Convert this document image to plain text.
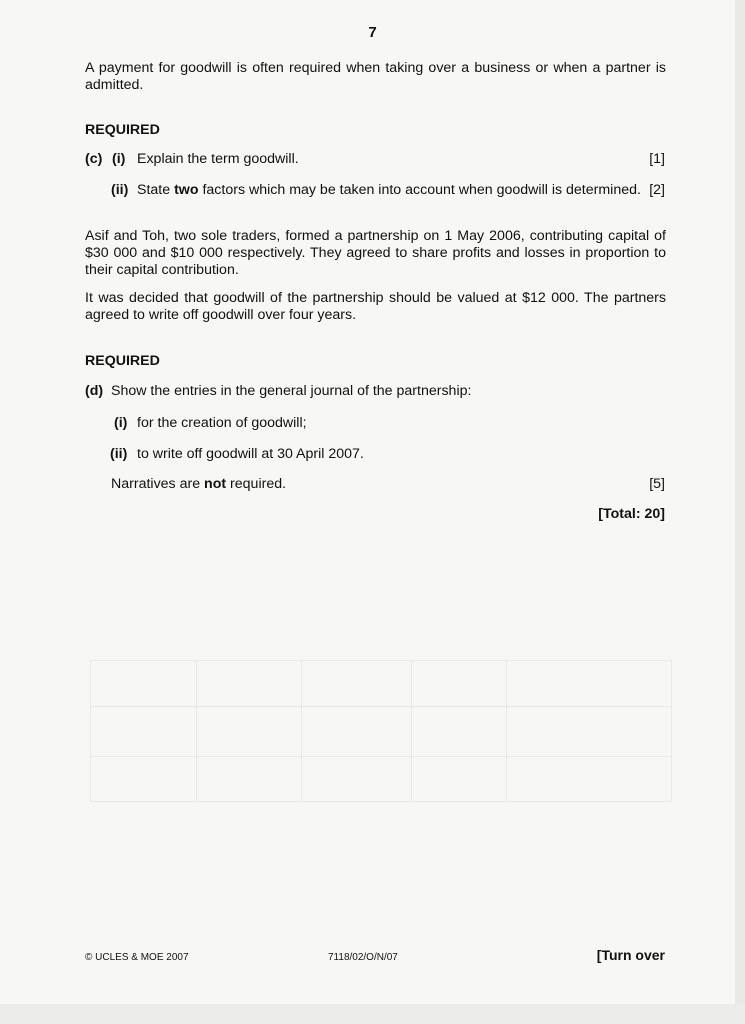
7
A payment for goodwill is often required when taking over a business or when a partner is admitted.
REQUIRED
(c) (i) Explain the term goodwill.	[1]
(ii) State two factors which may be taken into account when goodwill is determined. [2]
Asif and Toh, two sole traders, formed a partnership on 1 May 2006, contributing capital of $30 000 and $10 000 respectively. They agreed to share profits and losses in proportion to their capital contribution.
It was decided that goodwill of the partnership should be valued at $12 000. The partners agreed to write off goodwill over four years.
REQUIRED
(d) Show the entries in the general journal of the partnership:
(i) for the creation of goodwill;
(ii) to write off goodwill at 30 April 2007.
Narratives are not required.	[5]
[Total: 20]
© UCLES & MOE 2007	7118/02/O/N/07	[Turn over
